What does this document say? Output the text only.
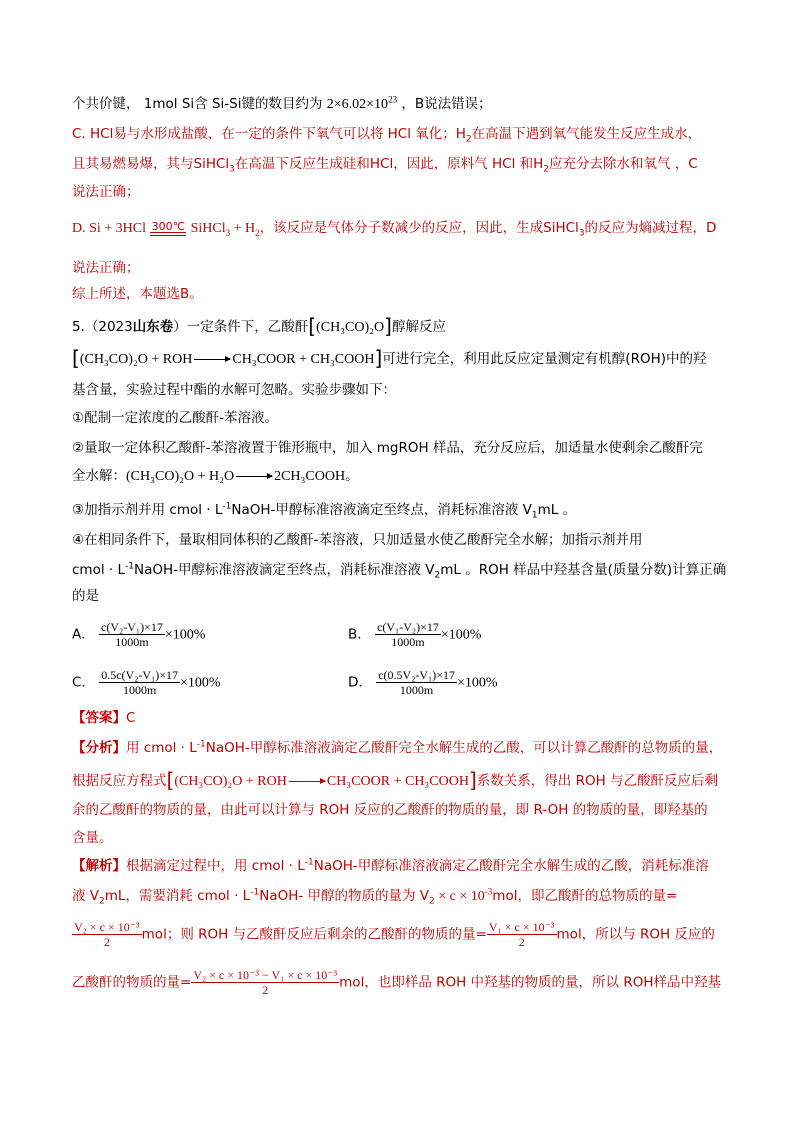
个共价键， 1mol Si含 Si-Si键的数目约为 $2\times 6.02\times 10^{23}$ ，B说法错误；
C. HCl易与水形成盐酸，在一定的条件下氧气可以将 HCl 氧化；$H_2$在高温下遇到氧气能发生反应生成水，
且其易燃易爆，其与SiHCl$_3$在高温下反应生成硅和HCl，因此，原料气 HCl 和$H_2$应充分去除水和氧气 ，C
说法正确；
D. Si + 3HCl 300℃ SiHCl$_3$ + $H_2$，该反应是气体分子数减少的反应，因此，生成SiHCl$_3$的反应为熵减过程，D
说法正确；
综上所述，本题选B。
5.（2023山东卷）一定条件下，乙酸酐[(CH₃CO)₂O]醇解反应
[(CH₃CO)₂O + ROH	CH₃COOR + CH₃COOH]可进行完全，利用此反应定量测定有机醇(ROH)中的羟
基含量，实验过程中酯的水解可忽略。实验步骤如下：
①配制一定浓度的乙酸酐-苯溶液。
②量取一定体积乙酸酐-苯溶液置于锥形瓶中，加入 mgROH 样品，充分反应后，加适量水使剩余乙酸酐完
全水解：(CH₃CO)₂O + H₂O	2CH₃COOH。
③加指示剂并用 cmol · $L^{-1}NaOH-$甲醇标准溶液滴定至终点，消耗标准溶液 $V_1mL$ 。
④在相同条件下，量取相同体积的乙酸酐-苯溶液，只加适量水使乙酸酐完全水解；加指示剂并用
cmol · $L^{-1}NaOH-$甲醇标准溶液滴定至终点，消耗标准溶液 $V_2mL$ 。ROH 样品中羟基含量(质量分数)计算正确
的是
A． $\frac{\text{c(V₂-V₁)×17}}{1000m} \times 100\%$	B． $\frac{\text{c(V₁-V₂)×17}}{1000m} \times 100\%$
C． $\frac{\text{0.5c(V₂-V₁)×17}}{1000m} \times 100\%$	D． $\frac{\text{c(0.5V₂-V₁)×17}}{1000m} \times 100\%$
【答案】C
【分析】用 cmol · $L^{-1}NaOH-$甲醇标准溶液滴定乙酸酐完全水解生成的乙酸，可以计算乙酸酐的总物质的量，
根据反应方程式[(CH₃CO)₂O + ROH	CH₃COOR + CH₃COOH]系数关系，得出 ROH 与乙酸酐反应后剩
余的乙酸酐的物质的量，由此可以计算与 ROH 反应的乙酸酐的物质的量，即 R-OH 的物质的量，即羟基的
含量。
【解析】根据滴定过程中，用 cmol · $L^{-1}NaOH-$甲醇标准溶液滴定乙酸酐完全水解生成的乙酸，消耗标准溶
液 $V_2mL$，需要消耗 cmol · $L^{-1}NaOH-$ 甲醇的物质的量为 $V_2 \times c \times 10^{-3}mol$，即乙酸酐的总物质的量=
$\frac{\text{V₂ × c × 10⁻³}}{2}$ mol；则 ROH 与乙酸酐反应后剩余的乙酸酐的物质的量= $\frac{\text{V₁ × c × 10⁻³}}{2}$ mol，所以与 ROH 反应的
乙酸酐的物质的量= $\frac{\text{V₂ × c × 10⁻³ − V₁ × c × 10⁻³}}{2}$ mol，也即样品 ROH 中羟基的物质的量，所以 ROH样品中羟基
